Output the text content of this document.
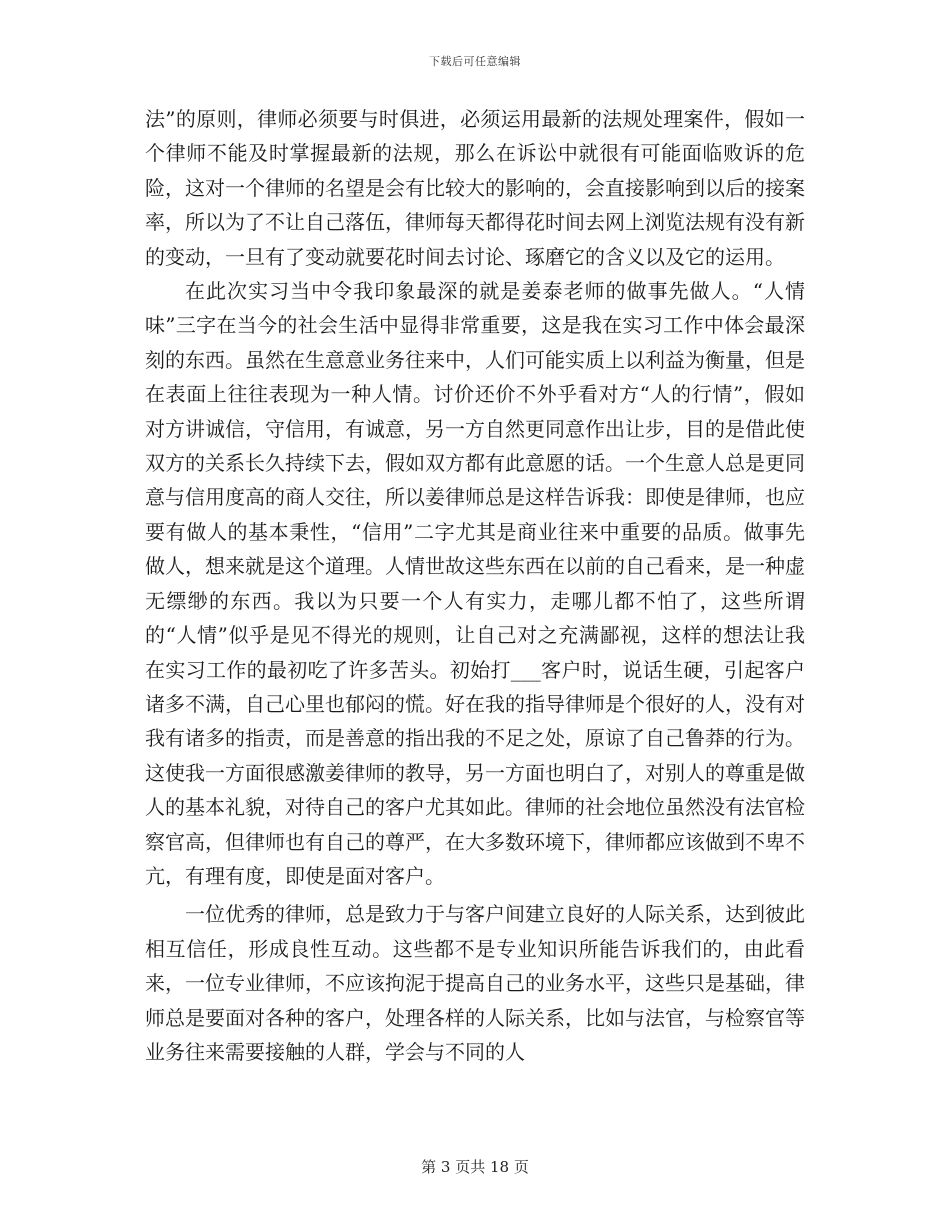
下载后可任意编辑

法”的原则，律师必须要与时俱进，必须运用最新的法规处理案件，假如一个律师不能及时掌握最新的法规，那么在诉讼中就很有可能面临败诉的危险，这对一个律师的名望是会有比较大的影响的，会直接影响到以后的接案率，所以为了不让自己落伍，律师每天都得花时间去网上浏览法规有没有新的变动，一旦有了变动就要花时间去讨论、琢磨它的含义以及它的运用。

在此次实习当中令我印象最深的就是姜泰老师的做事先做人。“人情味”三字在当今的社会生活中显得非常重要，这是我在实习工作中体会最深刻的东西。虽然在生意意业务往来中，人们可能实质上以利益为衡量，但是在表面上往往表现为一种人情。讨价还价不外乎看对方“人的行情”，假如对方讲诚信，守信用，有诚意，另一方自然更同意作出让步，目的是借此使双方的关系长久持续下去，假如双方都有此意愿的话。一个生意人总是更同意与信用度高的商人交往，所以姜律师总是这样告诉我：即使是律师，也应要有做人的基本秉性，“信用”二字尤其是商业往来中重要的品质。做事先做人，想来就是这个道理。人情世故这些东西在以前的自己看来，是一种虚无缥缈的东西。我以为只要一个人有实力，走哪儿都不怕了，这些所谓的“人情”似乎是见不得光的规则，让自己对之充满鄙视，这样的想法让我在实习工作的最初吃了许多苦头。初始打___客户时，说话生硬，引起客户诸多不满，自己心里也郁闷的慌。好在我的指导律师是个很好的人，没有对我有诸多的指责，而是善意的指出我的不足之处，原谅了自己鲁莽的行为。这使我一方面很感激姜律师的教导，另一方面也明白了，对别人的尊重是做人的基本礼貌，对待自己的客户尤其如此。律师的社会地位虽然没有法官检察官高，但律师也有自己的尊严，在大多数环境下，律师都应该做到不卑不亢，有理有度，即使是面对客户。

一位优秀的律师，总是致力于与客户间建立良好的人际关系，达到彼此相互信任，形成良性互动。这些都不是专业知识所能告诉我们的，由此看来，一位专业律师，不应该拘泥于提高自己的业务水平，这些只是基础，律师总是要面对各种的客户，处理各样的人际关系，比如与法官，与检察官等业务往来需要接触的人群，学会与不同的人

第 3 页共 18 页
